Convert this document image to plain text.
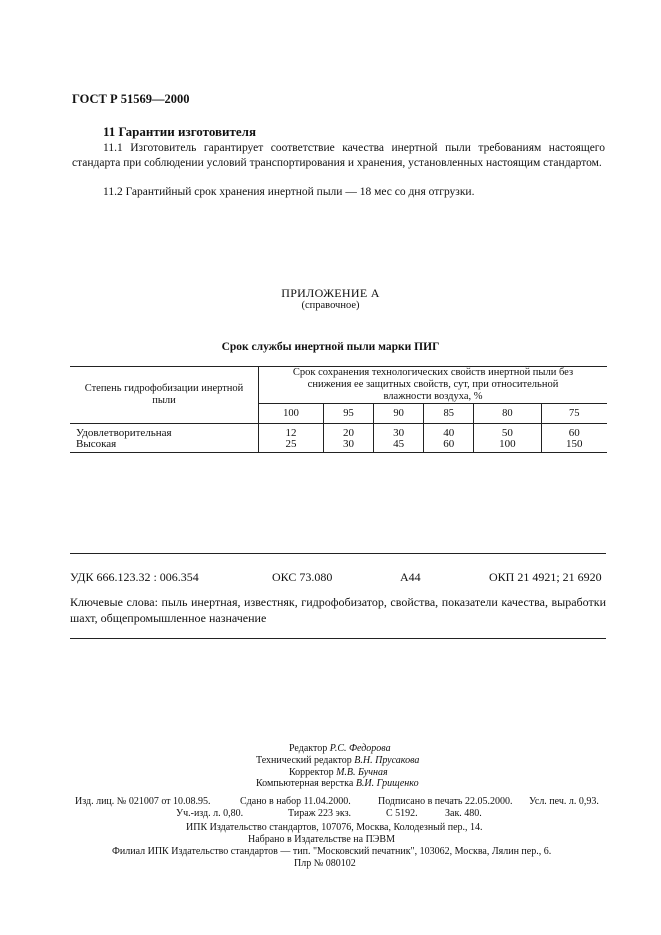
ГОСТ Р 51569—2000
11 Гарантии изготовителя
11.1 Изготовитель гарантирует соответствие качества инертной пыли требованиям настоящего стандарта при соблюдении условий транспортирования и хранения, установленных настоящим стандартом.
11.2 Гарантийный срок хранения инертной пыли — 18 мес со дня отгрузки.
ПРИЛОЖЕНИЕ А
(справочное)
Срок службы инертной пыли марки ПИГ
Степень гидрофобизации инертной пыли	Срок сохранения технологических свойств инертной пыли без снижения ее защитных свойств, сут, при относительной влажности воздуха, %					
	100	95	90	85	80	75
Удовлетворительная	12	20	30	40	50	60
Высокая	25	30	45	60	100	150
УДК 666.123.32 : 006.354	ОКС 73.080	А44	ОКП 21 4921; 21 6920
Ключевые слова: пыль инертная, известняк, гидрофобизатор, свойства, показатели качества, выработки шахт, общепромышленное назначение
Редактор Р.С. Федорова
Технический редактор В.Н. Прусакова
Корректор М.В. Бучная
Компьютерная верстка В.И. Грищенко
Изд. лиц. № 021007 от 10.08.95.	Сдано в набор 11.04.2000.	Подписано в печать 22.05.2000. Усл. печ. л. 0,93.
Уч.-изд. л. 0,80.	Тираж 223 экз.	С 5192.	Зак. 480.
ИПК Издательство стандартов, 107076, Москва, Колодезный пер., 14.
Набрано в Издательстве на ПЭВМ
Филиал ИПК Издательство стандартов — тип. "Московский печатник", 103062, Москва, Лялин пер., 6.
Плр № 080102
